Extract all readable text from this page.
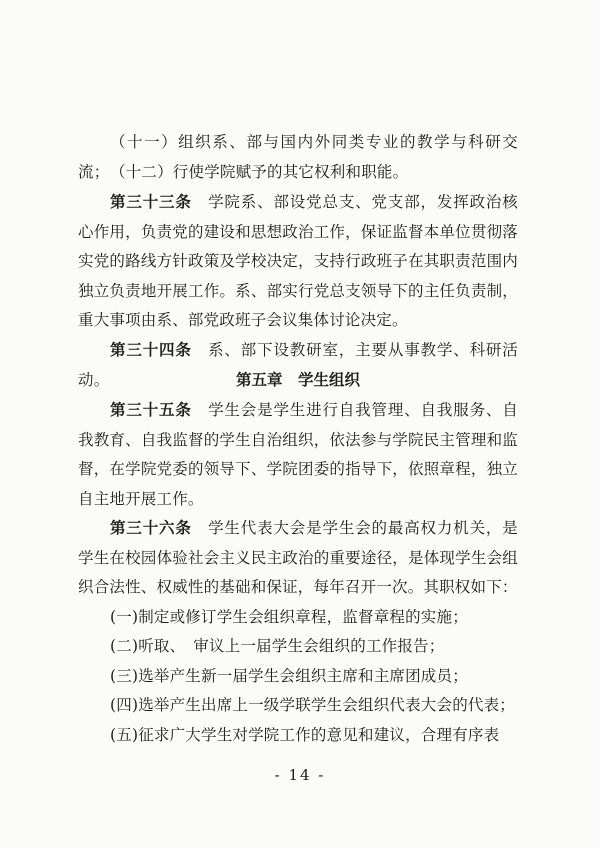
（十一）组织系、部与国内外同类专业的教学与科研交流； （十二）行使学院赋予的其它权利和职能。

第三十三条　学院系、部设党总支、党支部，发挥政治核心作用，负责党的建设和思想政治工作，保证监督本单位贯彻落实党的路线方针政策及学校决定，支持行政班子在其职责范围内独立负责地开展工作。系、部实行党总支领导下的主任负责制，重大事项由系、部党政班子会议集体讨论决定。

第三十四条　系、部下设教研室，主要从事教学、科研活动。	第五章　学生组织

第三十五条　学生会是学生进行自我管理、自我服务、自我教育、自我监督的学生自治组织，依法参与学院民主管理和监督，在学院党委的领导下、学院团委的指导下，依照章程，独立自主地开展工作。

第三十六条　学生代表大会是学生会的最高权力机关，是学生在校园体验社会主义民主政治的重要途径，是体现学生会组织合法性、权威性的基础和保证，每年召开一次。其职权如下：

(一)制定或修订学生会组织章程，监督章程的实施；

(二)听取、　审议上一届学生会组织的工作报告；

(三)选举产生新一届学生会组织主席和主席团成员；

(四)选举产生出席上一级学联学生会组织代表大会的代表；

(五)征求广大学生对学院工作的意见和建议，合理有序表

- 14 -
